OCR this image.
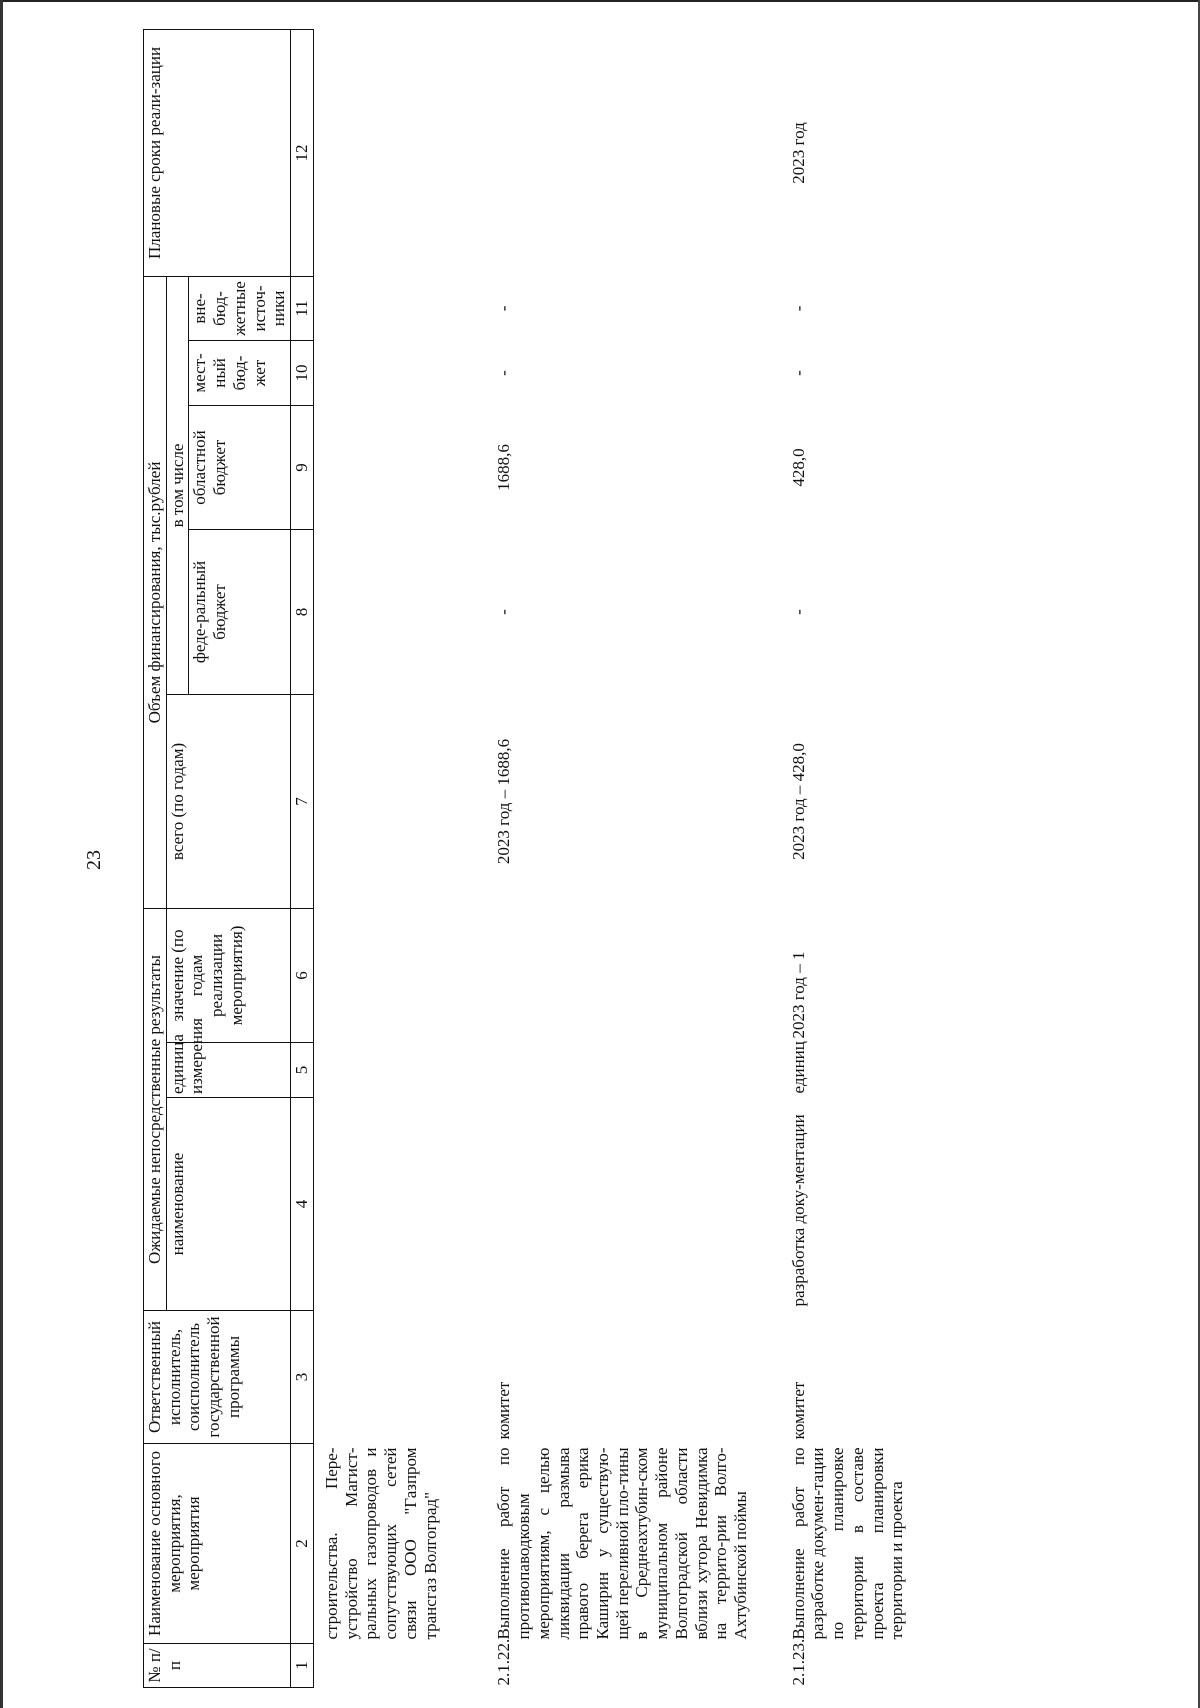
23
№ п/п	Наименование основного мероприятия, мероприятия	Ответственный исполнитель, соисполнитель государственной программы	Ожидаемые непосредственные результаты			Объем финансирования, тыс.рублей					Плановые сроки реали-зации
			наименование	единица измерения	значение (по годам реализации мероприятия)	всего (по годам)	в том числе				
							феде-ральный бюджет	областной бюджет	мест-ный бюд-жет	вне-бюд-жетные источ-ники	
1	2	3	4	5	6	7	8	9	10	11	12
	строительства. Пере-устройство Магист-ральных газопроводов и сопутствующих сетей связи ООО "Газпром трансгаз Волгоград"										
2.1.22.	Выполнение работ по противопаводковым мероприятиям, с целью ликвидации размыва правого берега ерика Каширин у существую-щей переливной пло-тины в Среднеахтубин-ском муниципальном районе Волгоградской области вблизи хутора Невидимка на террито-рии Волго-Ахтубинской поймы	комитет				2023 год – 1688,6	-	1688,6	-	-	
2.1.23.	Выполнение работ по разработке докумен-тации по планировке территории в составе проекта планировки территории и проекта	комитет	разработка доку-ментации	единиц	2023 год – 1	2023 год – 428,0	-	428,0	-	-	2023 год
